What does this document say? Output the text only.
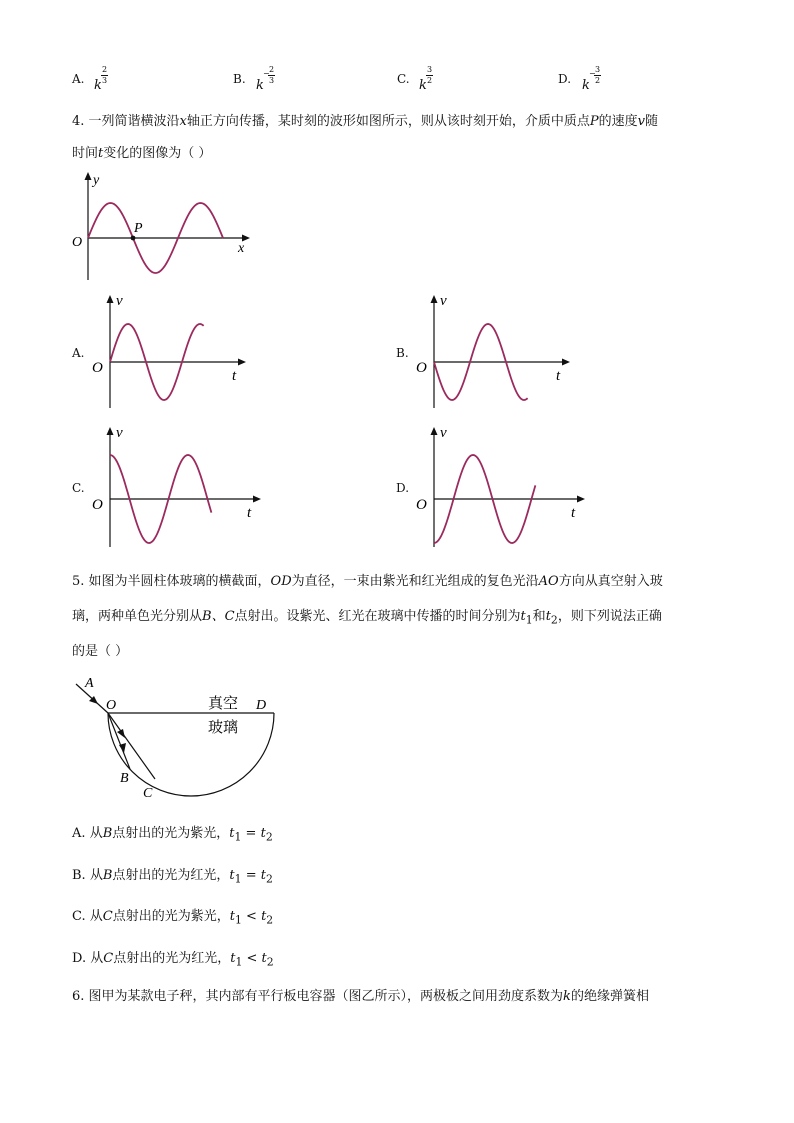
A. k
2
3	B. k
− 2
3	C. k
3
2	D. k
− 3
2
4. 一列简谐横波沿x轴正方向传播，某时刻的波形如图所示，则从该时刻开始，介质中质点P的速度v随
时间t变化的图像为（ ）
y
O
P
x
A.
v
O	t
B.
v
O	t
C.
v
O	t
D.
v
O	t
5. 如图为半圆柱体玻璃的横截面，OD为直径，一束由紫光和红光组成的复色光沿AO方向从真空射入玻
璃，两种单色光分别从B、C点射出。设紫光、红光在玻璃中传播的时间分别为$t_1$和$t_2$，则下列说法正确
的是（ ）
A
O	D
B
C
真空
玻璃
A. 从B点射出的光为紫光，$t_1 = t_2$
B. 从B点射出的光为红光，$t_1 = t_2$
C. 从C点射出的光为紫光，$t_1 < t_2$
D. 从C点射出的光为红光，$t_1 < t_2$
6. 图甲为某款电子秤，其内部有平行板电容器（图乙所示），两极板之间用劲度系数为k的绝缘弹簧相
